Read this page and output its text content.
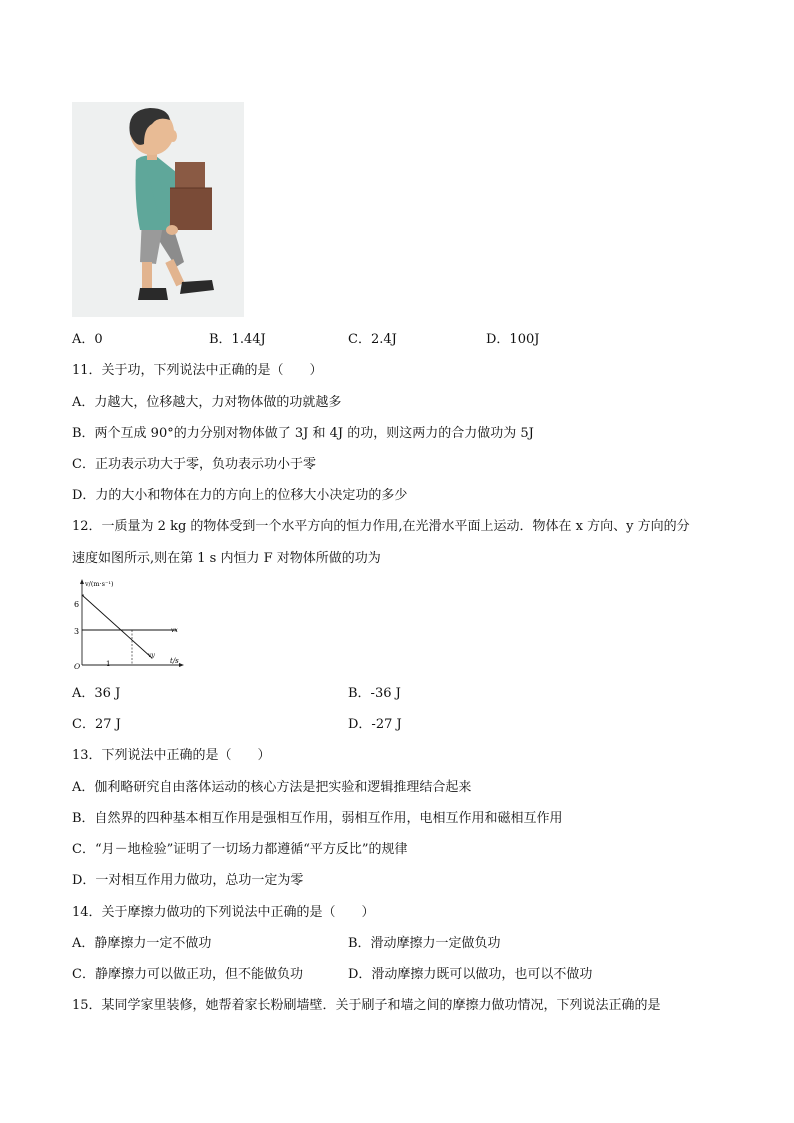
A．0	B．1.44J	C．2.4J	D．100J
11．关于功，下列说法中正确的是（　　）
A．力越大，位移越大，力对物体做的功就越多
B．两个互成 90°的力分别对物体做了 3J 和 4J 的功，则这两力的合力做功为 5J
C．正功表示功大于零，负功表示功小于零
D．力的大小和物体在力的方向上的位移大小决定功的多少
12．一质量为 2 kg 的物体受到一个水平方向的恒力作用,在光滑水平面上运动．物体在 x 方向、y 方向的分
速度如图所示,则在第 1 s 内恒力 F 对物体所做的功为
v/(m·s⁻¹)
t/s
O
6
3
1
vx
vy
A．36 J	B．-36 J
C．27 J	D．-27 J
13．下列说法中正确的是（　　）
A．伽利略研究自由落体运动的核心方法是把实验和逻辑推理结合起来
B．自然界的四种基本相互作用是强相互作用，弱相互作用，电相互作用和磁相互作用
C．“月－地检验”证明了一切场力都遵循“平方反比”的规律
D．一对相互作用力做功，总功一定为零
14．关于摩擦力做功的下列说法中正确的是（　　）
A．静摩擦力一定不做功	B．滑动摩擦力一定做负功
C．静摩擦力可以做正功，但不能做负功	D．滑动摩擦力既可以做功，也可以不做功
15．某同学家里装修，她帮着家长粉刷墙壁．关于刷子和墙之间的摩擦力做功情况，下列说法正确的是
